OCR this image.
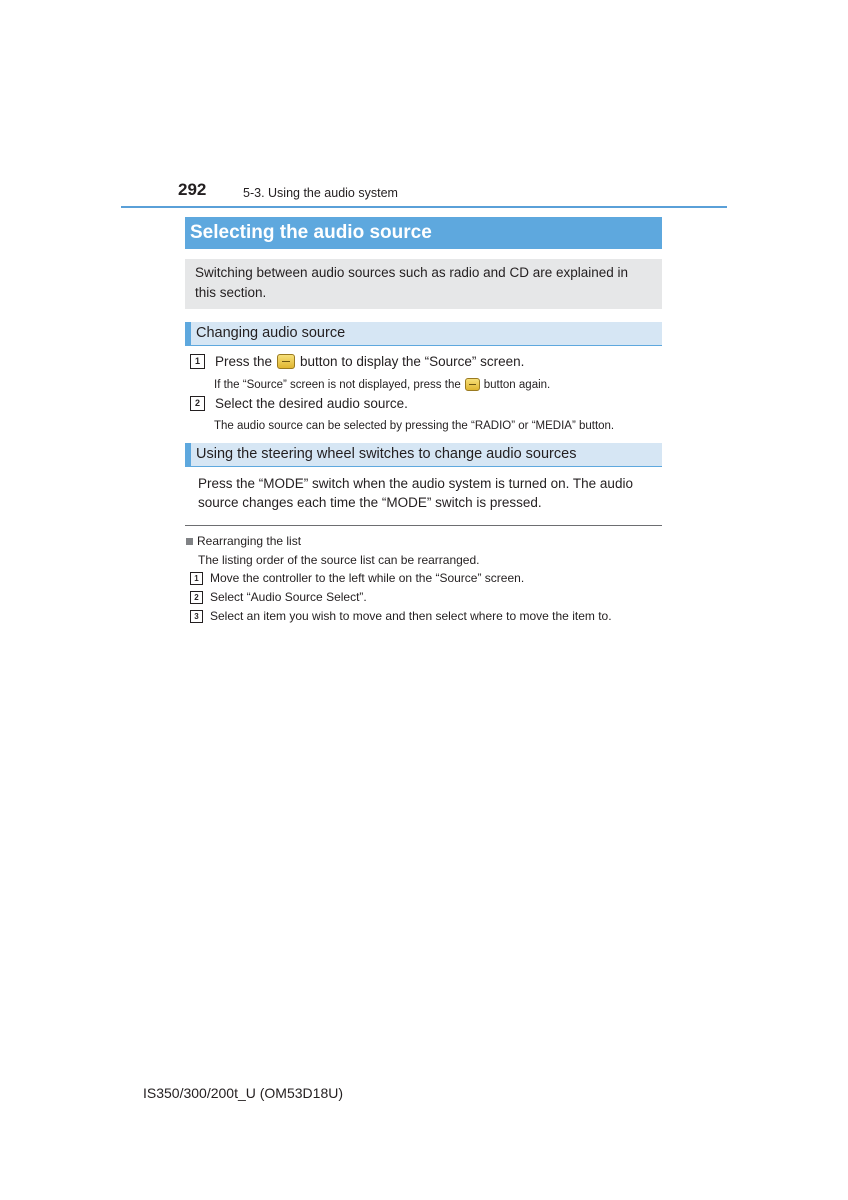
292	5-3. Using the audio system
Selecting the audio source
Switching between audio sources such as radio and CD are explained in this section.
Changing audio source
1	Press the button to display the “Source” screen.
If the “Source” screen is not displayed, press the button again.
2	Select the desired audio source.
The audio source can be selected by pressing the “RADIO” or “MEDIA” button.
Using the steering wheel switches to change audio sources
Press the “MODE” switch when the audio system is turned on. The audio source changes each time the “MODE” switch is pressed.
Rearranging the list
The listing order of the source list can be rearranged.
1 Move the controller to the left while on the “Source” screen.
2 Select “Audio Source Select”.
3 Select an item you wish to move and then select where to move the item to.
IS350/300/200t_U (OM53D18U)
